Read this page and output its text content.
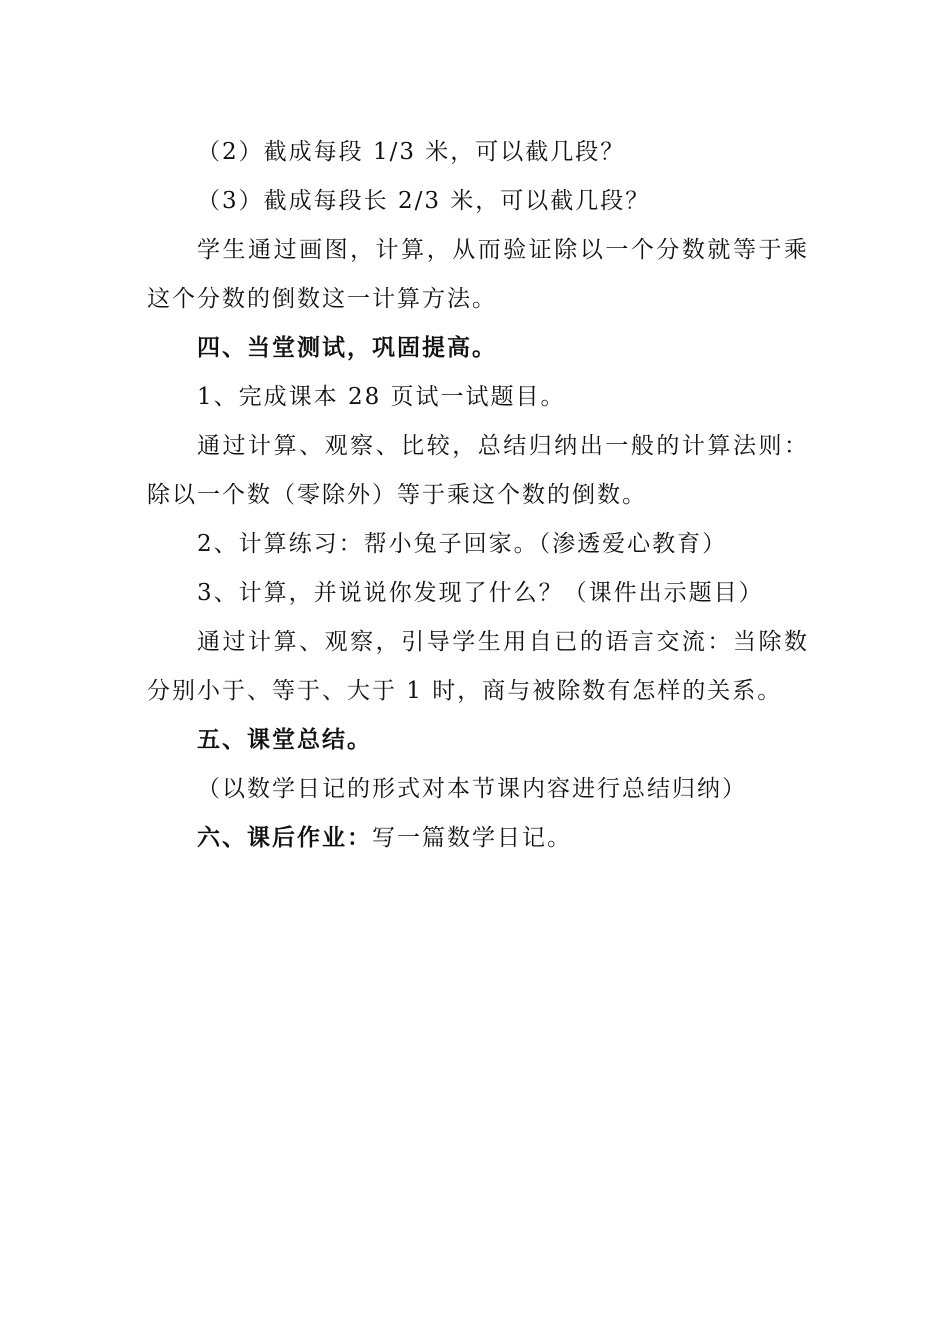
（2）截成每段 1/3 米，可以截几段？

（3）截成每段长 2/3 米，可以截几段？

学生通过画图，计算，从而验证除以一个分数就等于乘这个分数的倒数这一计算方法。

四、当堂测试，巩固提高。

1、完成课本 28 页试一试题目。

通过计算、观察、比较，总结归纳出一般的计算法则：除以一个数（零除外）等于乘这个数的倒数。

2、计算练习：帮小兔子回家。（渗透爱心教育）

3、计算，并说说你发现了什么？（课件出示题目）

通过计算、观察，引导学生用自已的语言交流：当除数分别小于、等于、大于 1 时，商与被除数有怎样的关系。

五、课堂总结。

（以数学日记的形式对本节课内容进行总结归纳）

六、课后作业：写一篇数学日记。
